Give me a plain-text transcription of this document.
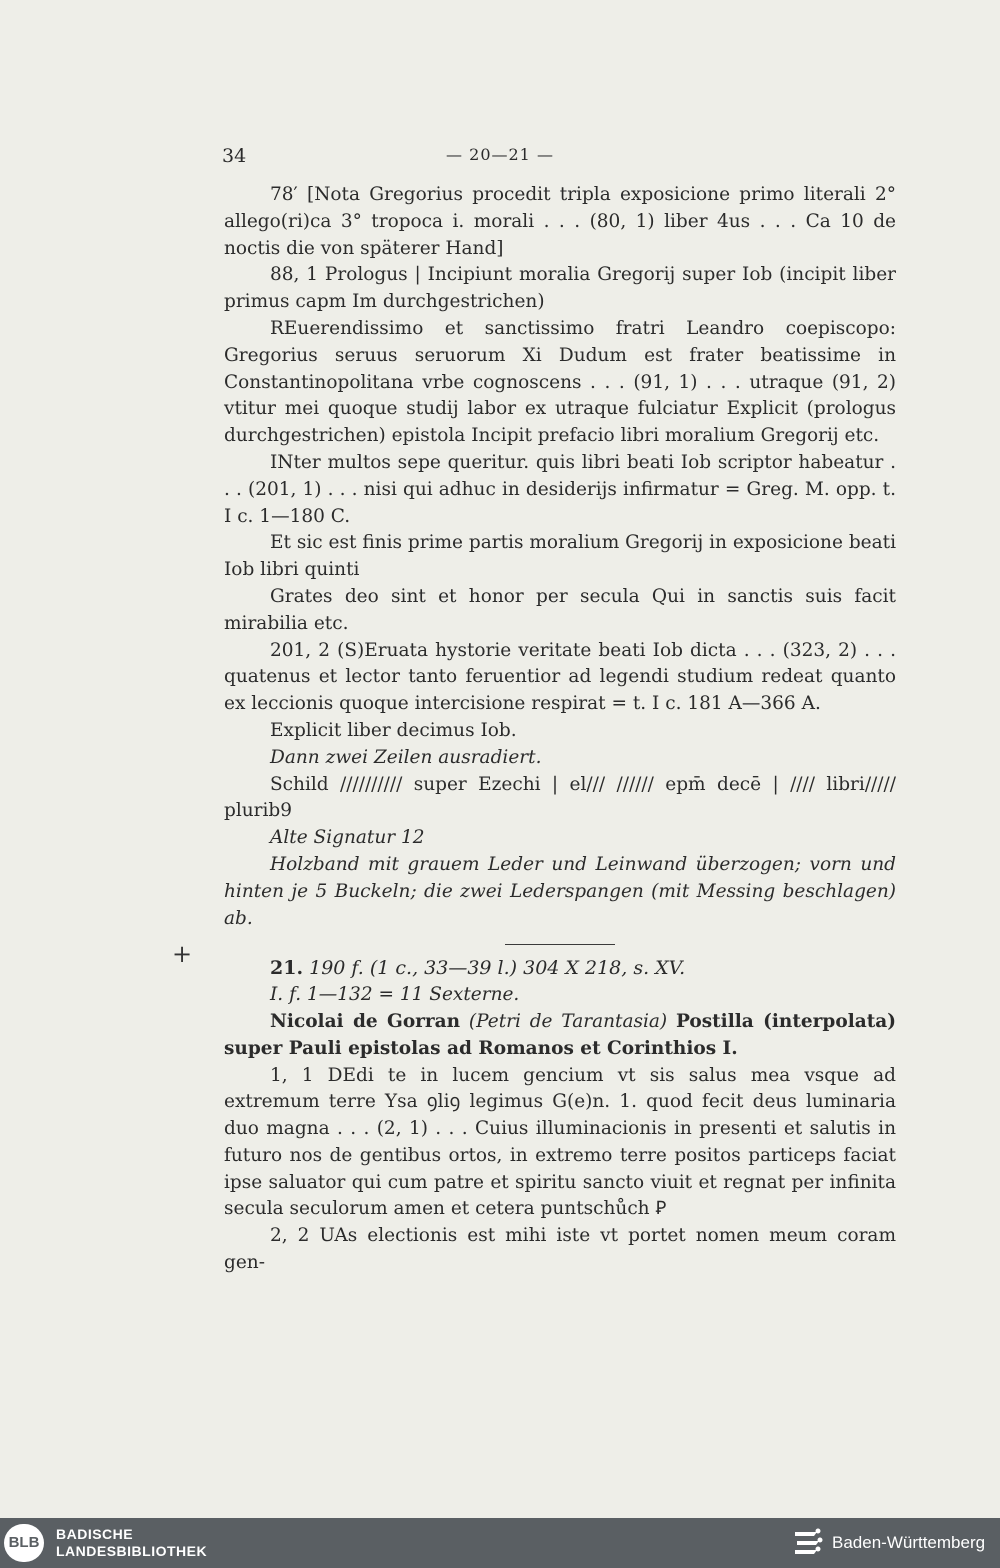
34	— 20—21 —
+

78′ [Nota Gregorius procedit tripla exposicione primo literali 2° allego(ri)ca 3° tropoca i. morali . . . (80, 1) liber 4us . . . Ca 10 de noctis die von späterer Hand]

88, 1 Prologus | Incipiunt moralia Gregorij super Iob (incipit liber primus capm Im durchgestrichen)

REuerendissimo et sanctissimo fratri Leandro coepiscopo: Gregorius seruus seruorum Xi Dudum est frater beatissime in Constantinopolitana vrbe cognoscens . . . (91, 1) . . . utraque (91, 2) vtitur mei quoque studij labor ex utraque fulciatur Explicit (prologus durchgestrichen) epistola Incipit prefacio libri moralium Gregorij etc.

INter multos sepe queritur. quis libri beati Iob scriptor habeatur . . . (201, 1) . . . nisi qui adhuc in desiderijs infirmatur = Greg. M. opp. t. I c. 1—180 C.

Et sic est finis prime partis moralium Gregorij in exposicione beati Iob libri quinti

Grates deo sint et honor per secula Qui in sanctis suis facit mirabilia etc.

201, 2 (S)Eruata hystorie veritate beati Iob dicta . . . (323, 2) . . . quatenus et lector tanto feruentior ad legendi studium redeat quanto ex leccionis quoque intercisione respirat = t. I c. 181 A—366 A.

Explicit liber decimus Iob.

Dann zwei Zeilen ausradiert.

Schild ////////// super Ezechi | el/// ////// epm̄ decē | //// libri///// plurib9

Alte Signatur 12

Holzband mit grauem Leder und Leinwand überzogen; vorn und hinten je 5 Buckeln; die zwei Lederspangen (mit Messing beschlagen) ab.

21. 190 f. (1 c., 33—39 l.) 304 X 218, s. XV.

I. f. 1—132 = 11 Sexterne.

Nicolai de Gorran (Petri de Tarantasia) Postilla (interpolata) super Pauli epistolas ad Romanos et Corinthios I.

1, 1 DEdi te in lucem gencium vt sis salus mea vsque ad extremum terre Ysa ꝯliꝯ legimus G(e)n. 1. quod fecit deus luminaria duo magna . . . (2, 1) . . . Cuius illuminacionis in presenti et salutis in futuro nos de gentibus ortos, in extremo terre positos particeps faciat ipse saluator qui cum patre et spiritu sancto viuit et regnat per infinita secula seculorum amen et cetera puntschůch Ꝑ

2, 2 UAs electionis est mihi iste vt portet nomen meum coram gen-

BLB	BADISCHE
LANDESBIBLIOTHEK	Baden-Württemberg
